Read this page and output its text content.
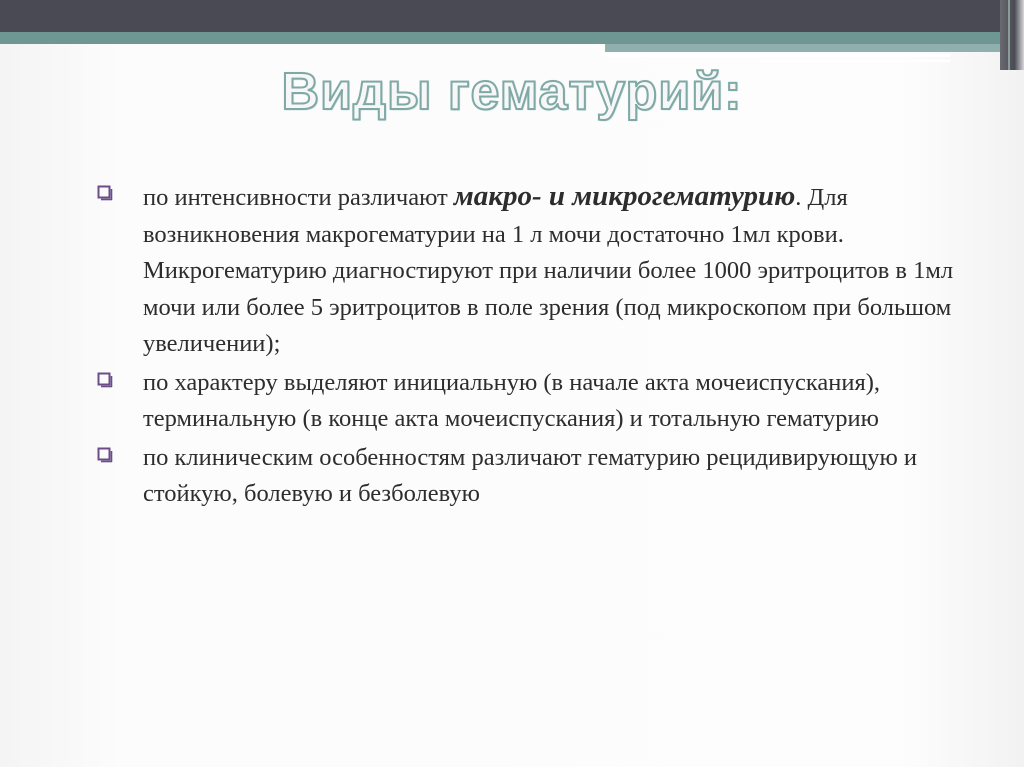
Виды гематурий:
по интенсивности различают макро- и микрогематурию. Для возникновения макрогематурии на 1 л мочи достаточно 1мл крови. Микрогематурию диагностируют при наличии более 1000 эритроцитов в 1мл мочи или более 5 эритроцитов в поле зрения (под микроскопом при большом увеличении);
по характеру выделяют инициальную (в начале акта мочеиспускания), терминальную (в конце акта мочеиспускания) и тотальную гематурию
по клиническим особенностям различают гематурию рецидивирующую и стойкую, болевую и безболевую
